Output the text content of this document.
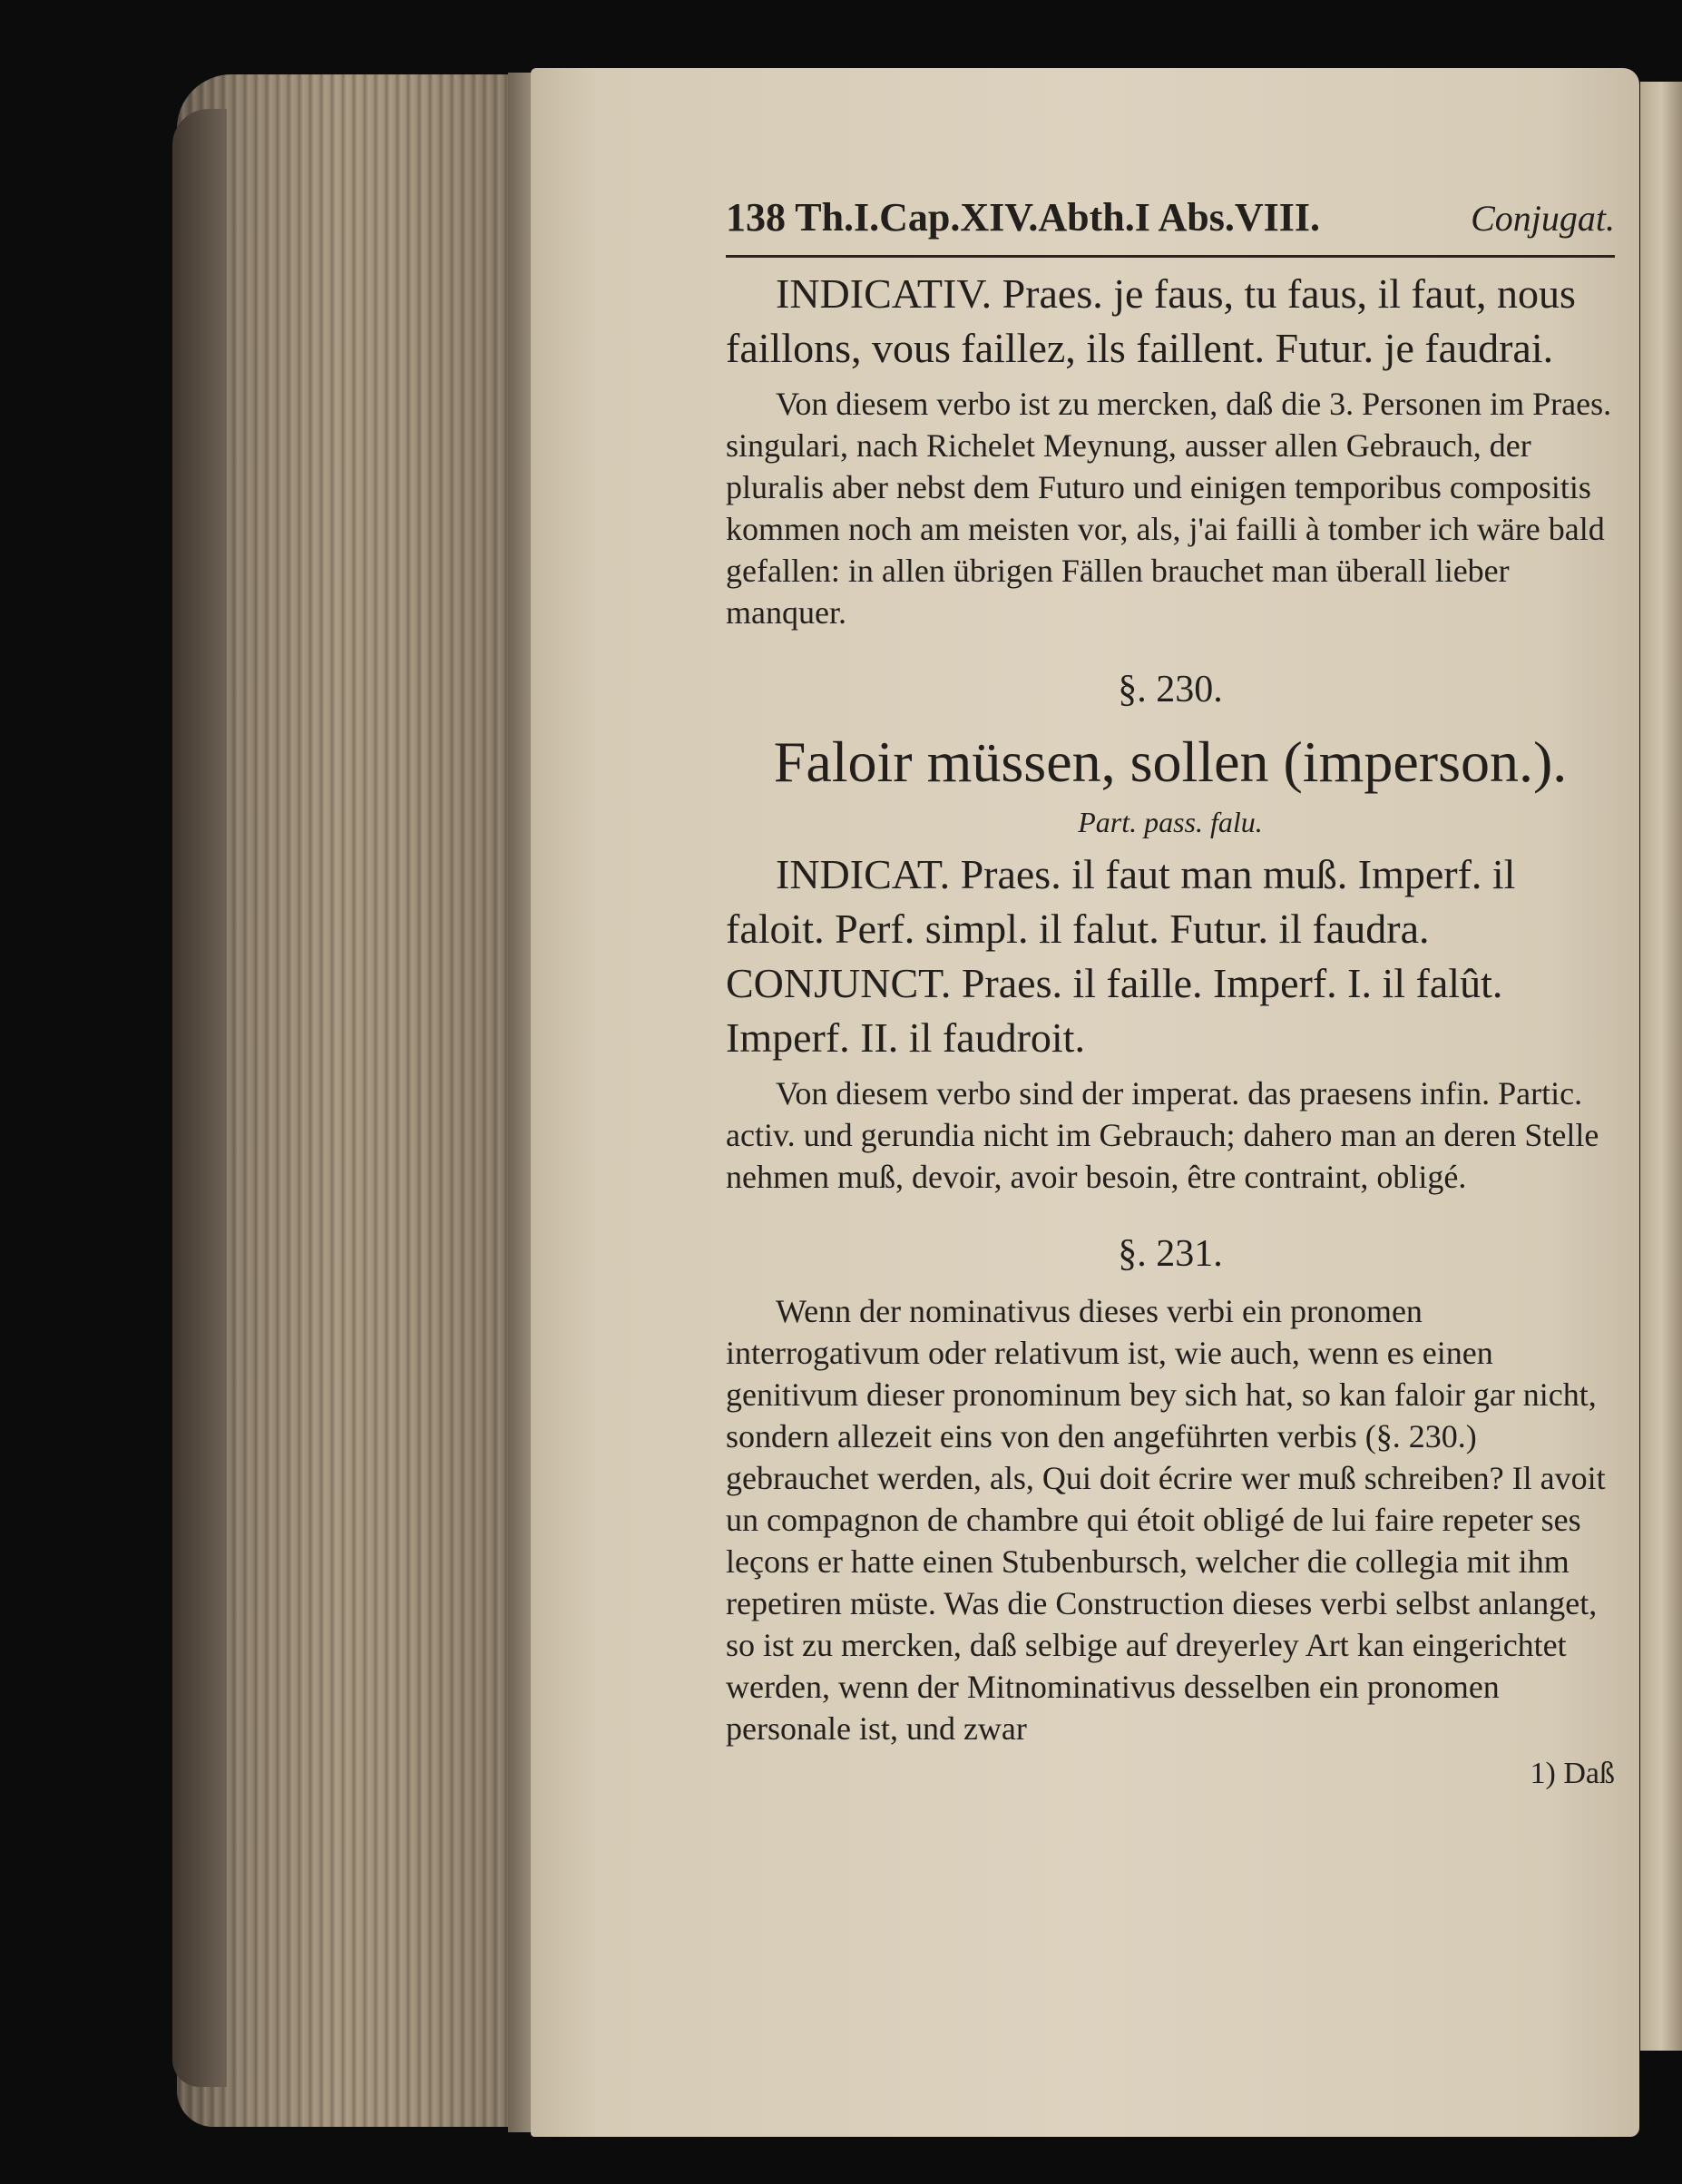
138 Th.I.Cap.XIV.Abth.I Abs.VIII.	Conjugat.

INDICATIV. Praes. je faus, tu faus, il faut, nous faillons, vous faillez, ils faillent. Futur. je faudrai.

Von diesem verbo ist zu mercken, daß die 3. Personen im Praes. singulari, nach Richelet Meynung, ausser allen Gebrauch, der pluralis aber nebst dem Futuro und einigen temporibus compositis kommen noch am meisten vor, als, j'ai failli à tomber ich wäre bald gefallen: in allen übrigen Fällen brauchet man überall lieber manquer.

§. 230.

Faloir müssen, sollen (imperson.).

Part. pass. falu.

INDICAT. Praes. il faut man muß. Imperf. il faloit. Perf. simpl. il falut. Futur. il faudra. CONJUNCT. Praes. il faille. Imperf. I. il falût. Imperf. II. il faudroit.

Von diesem verbo sind der imperat. das praesens infin. Partic. activ. und gerundia nicht im Gebrauch; dahero man an deren Stelle nehmen muß, devoir, avoir besoin, être contraint, obligé.

§. 231.

Wenn der nominativus dieses verbi ein pronomen interrogativum oder relativum ist, wie auch, wenn es einen genitivum dieser pronominum bey sich hat, so kan faloir gar nicht, sondern allezeit eins von den angeführten verbis (§. 230.) gebrauchet werden, als, Qui doit écrire wer muß schreiben? Il avoit un compagnon de chambre qui étoit obligé de lui faire repeter ses leçons er hatte einen Stubenbursch, welcher die collegia mit ihm repetiren müste. Was die Construction dieses verbi selbst anlanget, so ist zu mercken, daß selbige auf dreyerley Art kan eingerichtet werden, wenn der Mitnominativus desselben ein pronomen personale ist, und zwar

1) Daß
